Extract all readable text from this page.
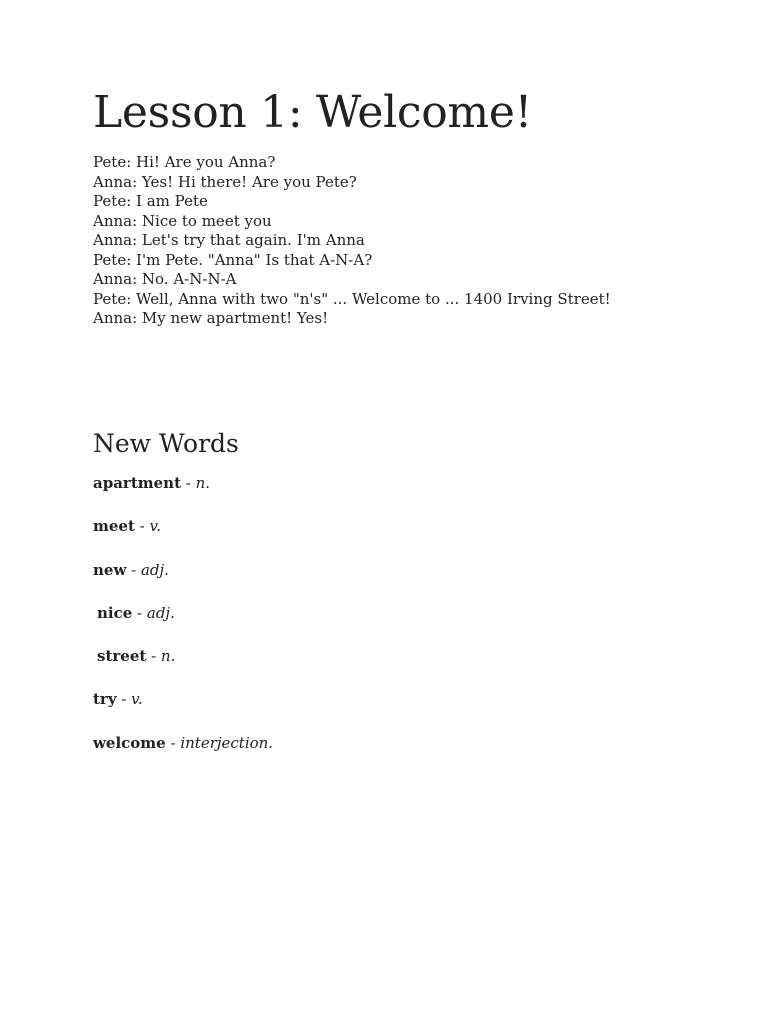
Lesson 1: Welcome!
Pete: Hi! Are you Anna?
Anna: Yes! Hi there! Are you Pete?
Pete: I am Pete
Anna: Nice to meet you
Anna: Let's try that again. I'm Anna
Pete: I'm Pete. "Anna" Is that A-N-A?
Anna: No. A-N-N-A
Pete: Well, Anna with two "n's" ... Welcome to ... 1400 Irving Street!
Anna: My new apartment! Yes!
New Words
apartment - n.
meet - v.
new - adj.
nice - adj.
street - n.
try - v.
welcome - interjection.
